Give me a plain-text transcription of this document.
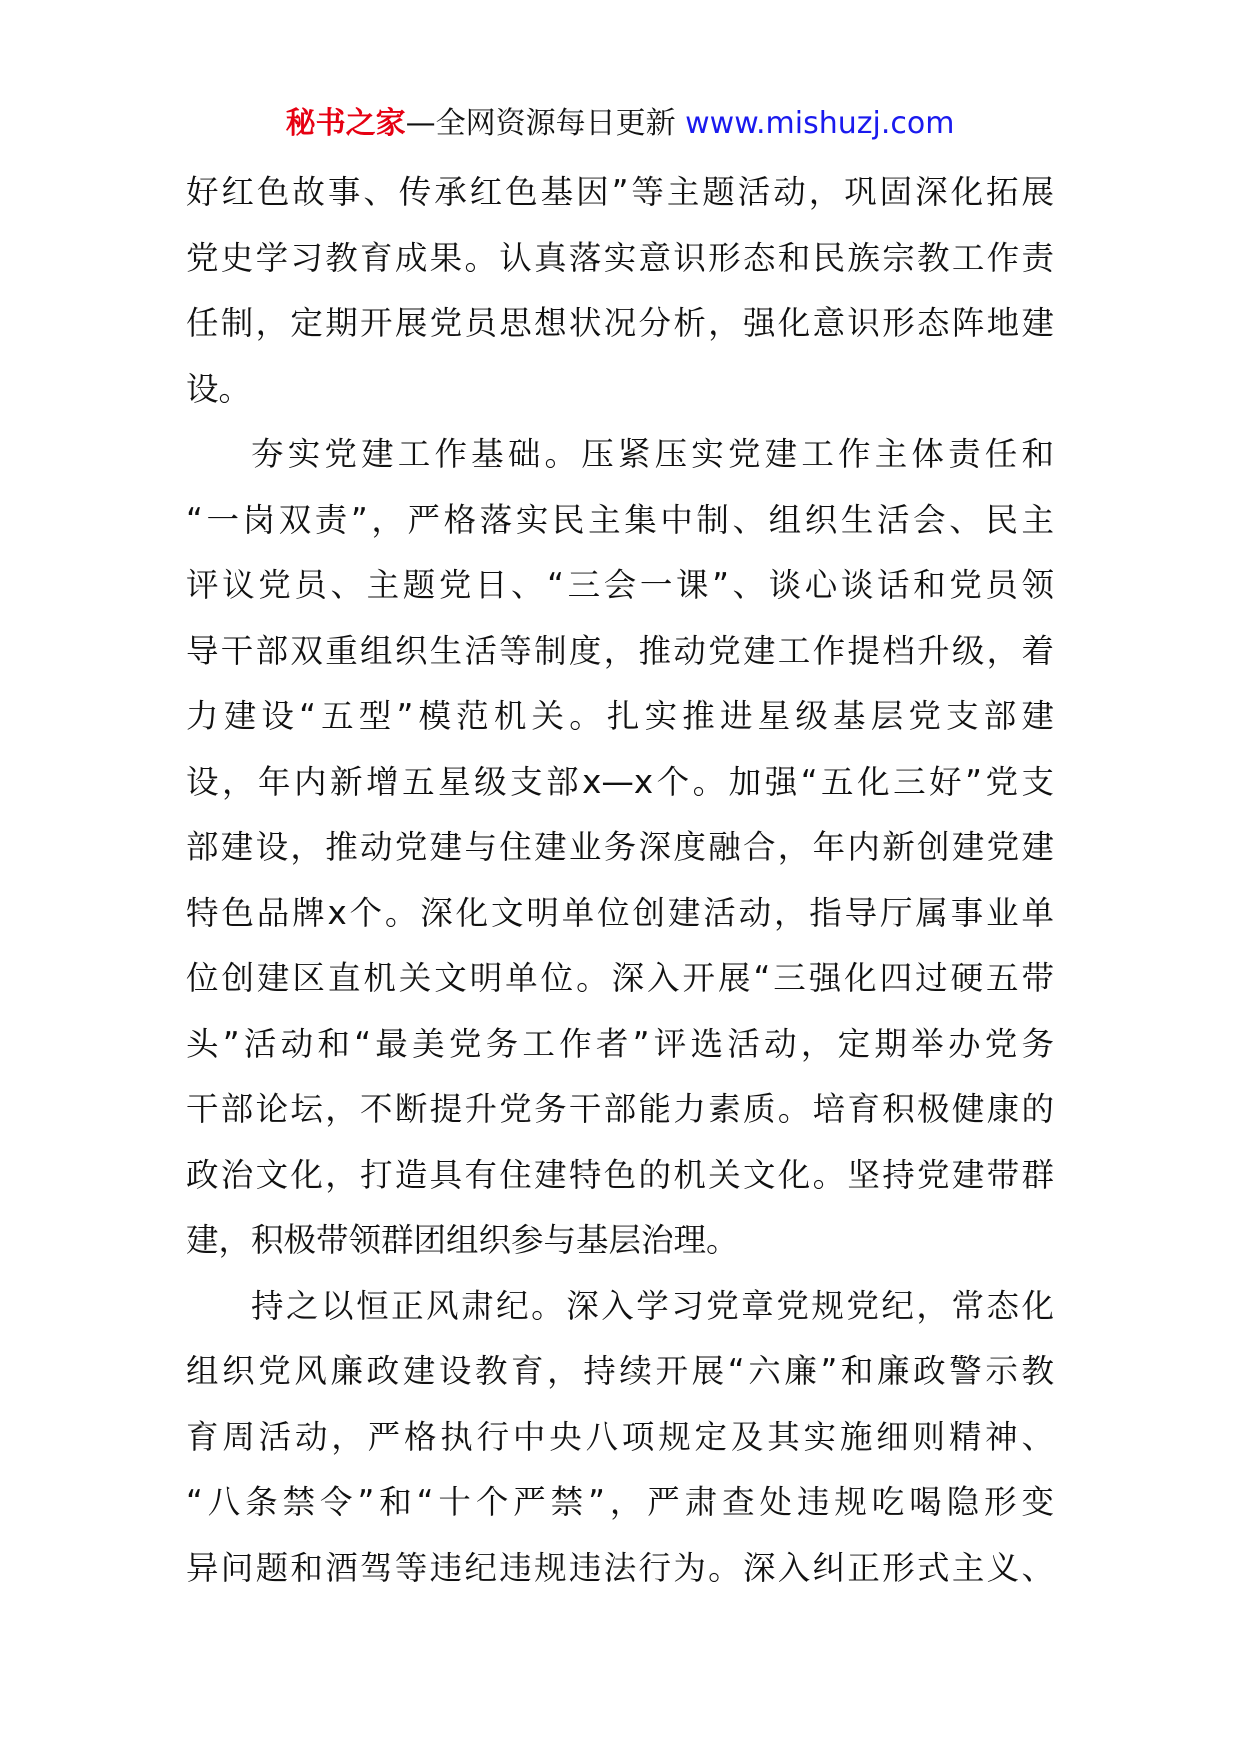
秘书之家—全网资源每日更新 www.mishuzj.com
好红色故事、传承红色基因”等主题活动，巩固深化拓展
党史学习教育成果。认真落实意识形态和民族宗教工作责
任制，定期开展党员思想状况分析，强化意识形态阵地建
设。
夯实党建工作基础。压紧压实党建工作主体责任和
“一岗双责”，严格落实民主集中制、组织生活会、民主
评议党员、主题党日、“三会一课”、谈心谈话和党员领
导干部双重组织生活等制度，推动党建工作提档升级，着
力建设“五型”模范机关。扎实推进星级基层党支部建
设，年内新增五星级支部x—x个。加强“五化三好”党支
部建设，推动党建与住建业务深度融合，年内新创建党建
特色品牌x个。深化文明单位创建活动，指导厅属事业单
位创建区直机关文明单位。深入开展“三强化四过硬五带
头”活动和“最美党务工作者”评选活动，定期举办党务
干部论坛，不断提升党务干部能力素质。培育积极健康的
政治文化，打造具有住建特色的机关文化。坚持党建带群
建，积极带领群团组织参与基层治理。
持之以恒正风肃纪。深入学习党章党规党纪，常态化
组织党风廉政建设教育，持续开展“六廉”和廉政警示教
育周活动，严格执行中央八项规定及其实施细则精神、
“八条禁令”和“十个严禁”，严肃查处违规吃喝隐形变
异问题和酒驾等违纪违规违法行为。深入纠正形式主义、
